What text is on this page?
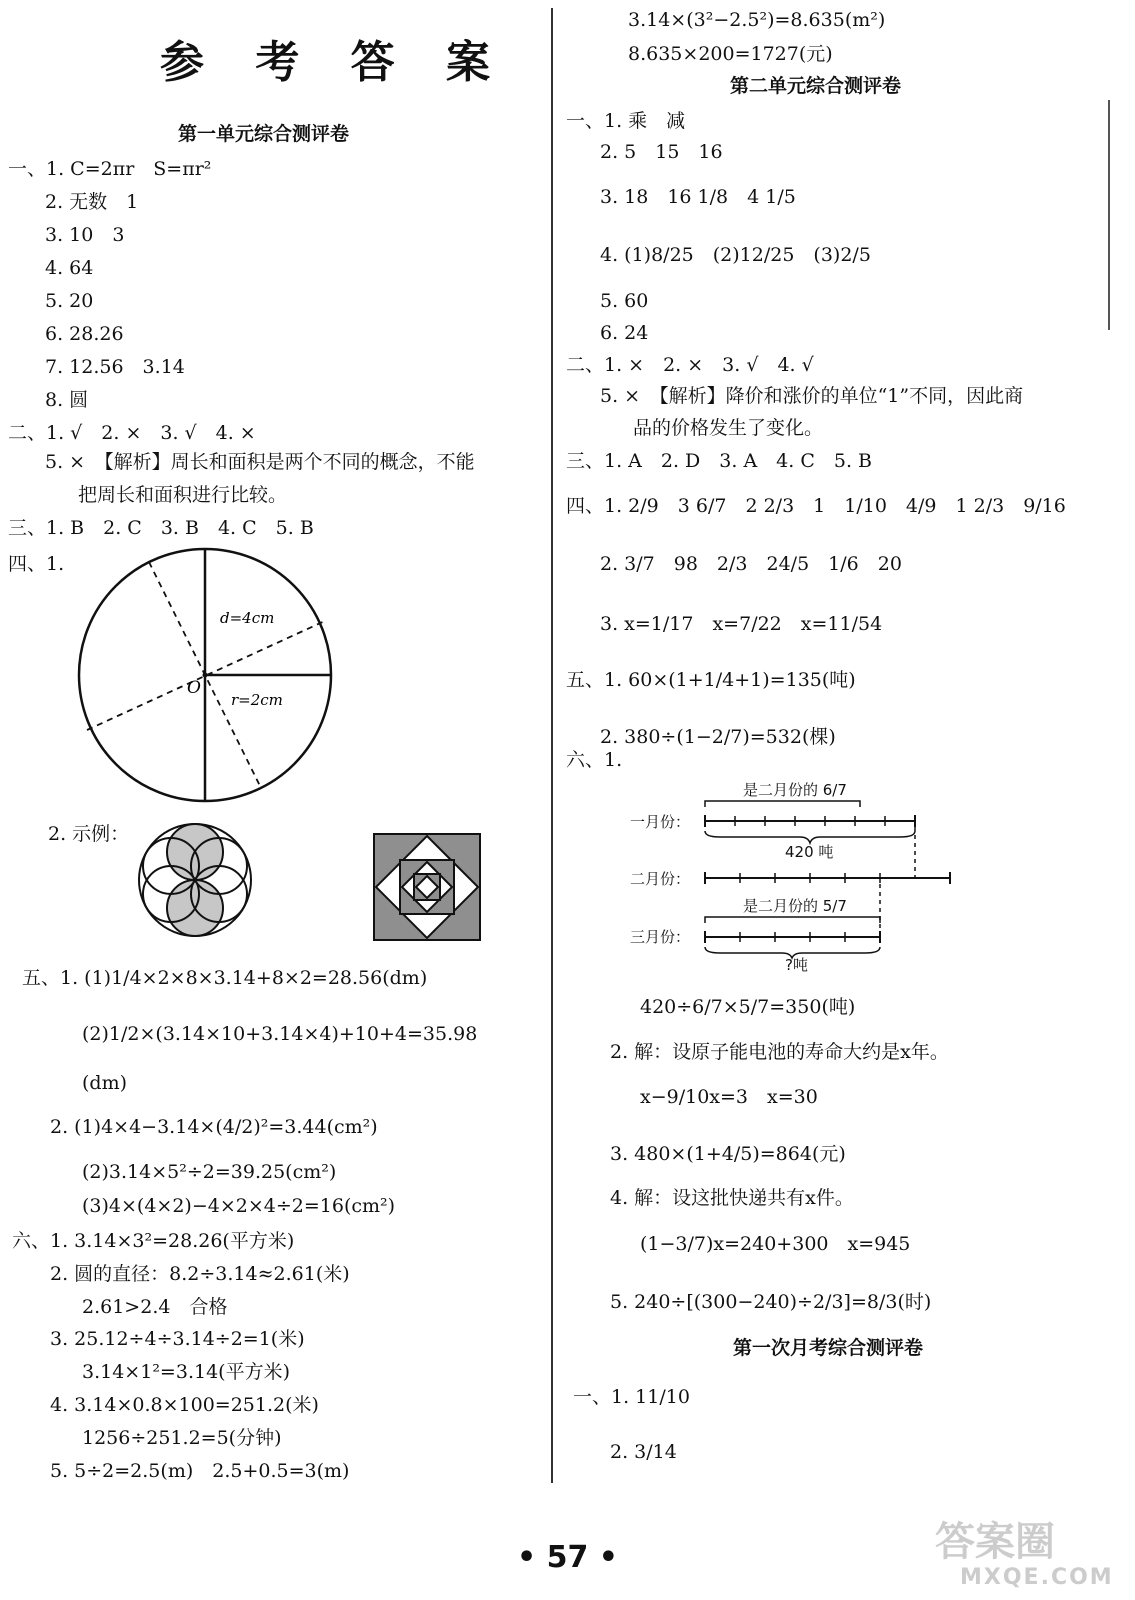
参 考 答 案
第一单元综合测评卷
一、1. C=2πr　S=πr²
2. 无数　1
3. 10　3
4. 64
5. 20
6. 28.26
7. 12.56　3.14
8. 圆
二、1. √　2. ×　3. √　4. ×
5. ×　【解析】周长和面积是两个不同的概念，不能
把周长和面积进行比较。
三、1. B　2. C　3. B　4. C　5. B
四、1.
d=4cm
r=2cm
O
2. 示例：
五、1. (1)1/4×2×8×3.14+8×2=28.56(dm)
(2)1/2×(3.14×10+3.14×4)+10+4=35.98
(dm)
2. (1)4×4−3.14×(4/2)²=3.44(cm²)
(2)3.14×5²÷2=39.25(cm²)
(3)4×(4×2)−4×2×4÷2=16(cm²)
六、1. 3.14×3²=28.26(平方米)
2. 圆的直径：8.2÷3.14≈2.61(米)
2.61>2.4　合格
3. 25.12÷4÷3.14÷2=1(米)
3.14×1²=3.14(平方米)
4. 3.14×0.8×100=251.2(米)
1256÷251.2=5(分钟)
5. 5÷2=2.5(m)　2.5+0.5=3(m)
3.14×(3²−2.5²)=8.635(m²)
8.635×200=1727(元)
第二单元综合测评卷
一、1. 乘　减
2. 5　15　16
3. 18　16 1/8　4 1/5
4. (1)8/25　(2)12/25　(3)2/5
5. 60
6. 24
二、1. ×　2. ×　3. √　4. √
5. ×　【解析】降价和涨价的单位“1”不同，因此商
品的价格发生了变化。
三、1. A　2. D　3. A　4. C　5. B
四、1. 2/9　3 6/7　2 2/3　1　1/10　4/9　1 2/3　9/16
2. 3/7　98　2/3　24/5　1/6　20
3. x=1/17　x=7/22　x=11/54
五、1. 60×(1+1/4+1)=135(吨)
2. 380÷(1−2/7)=532(棵)
六、1.
是二月份的 6/7
一月份：
420 吨
二月份：
是二月份的 5/7
三月份：
?吨
420÷6/7×5/7=350(吨)
2. 解：设原子能电池的寿命大约是x年。
x−9/10x=3　x=30
3. 480×(1+4/5)=864(元)
4. 解：设这批快递共有x件。
(1−3/7)x=240+300　x=945
5. 240÷[(300−240)÷2/3]=8/3(时)
第一次月考综合测评卷
一、1. 11/10
2. 3/14
• 57 •	答案圈
MXQE.COM
